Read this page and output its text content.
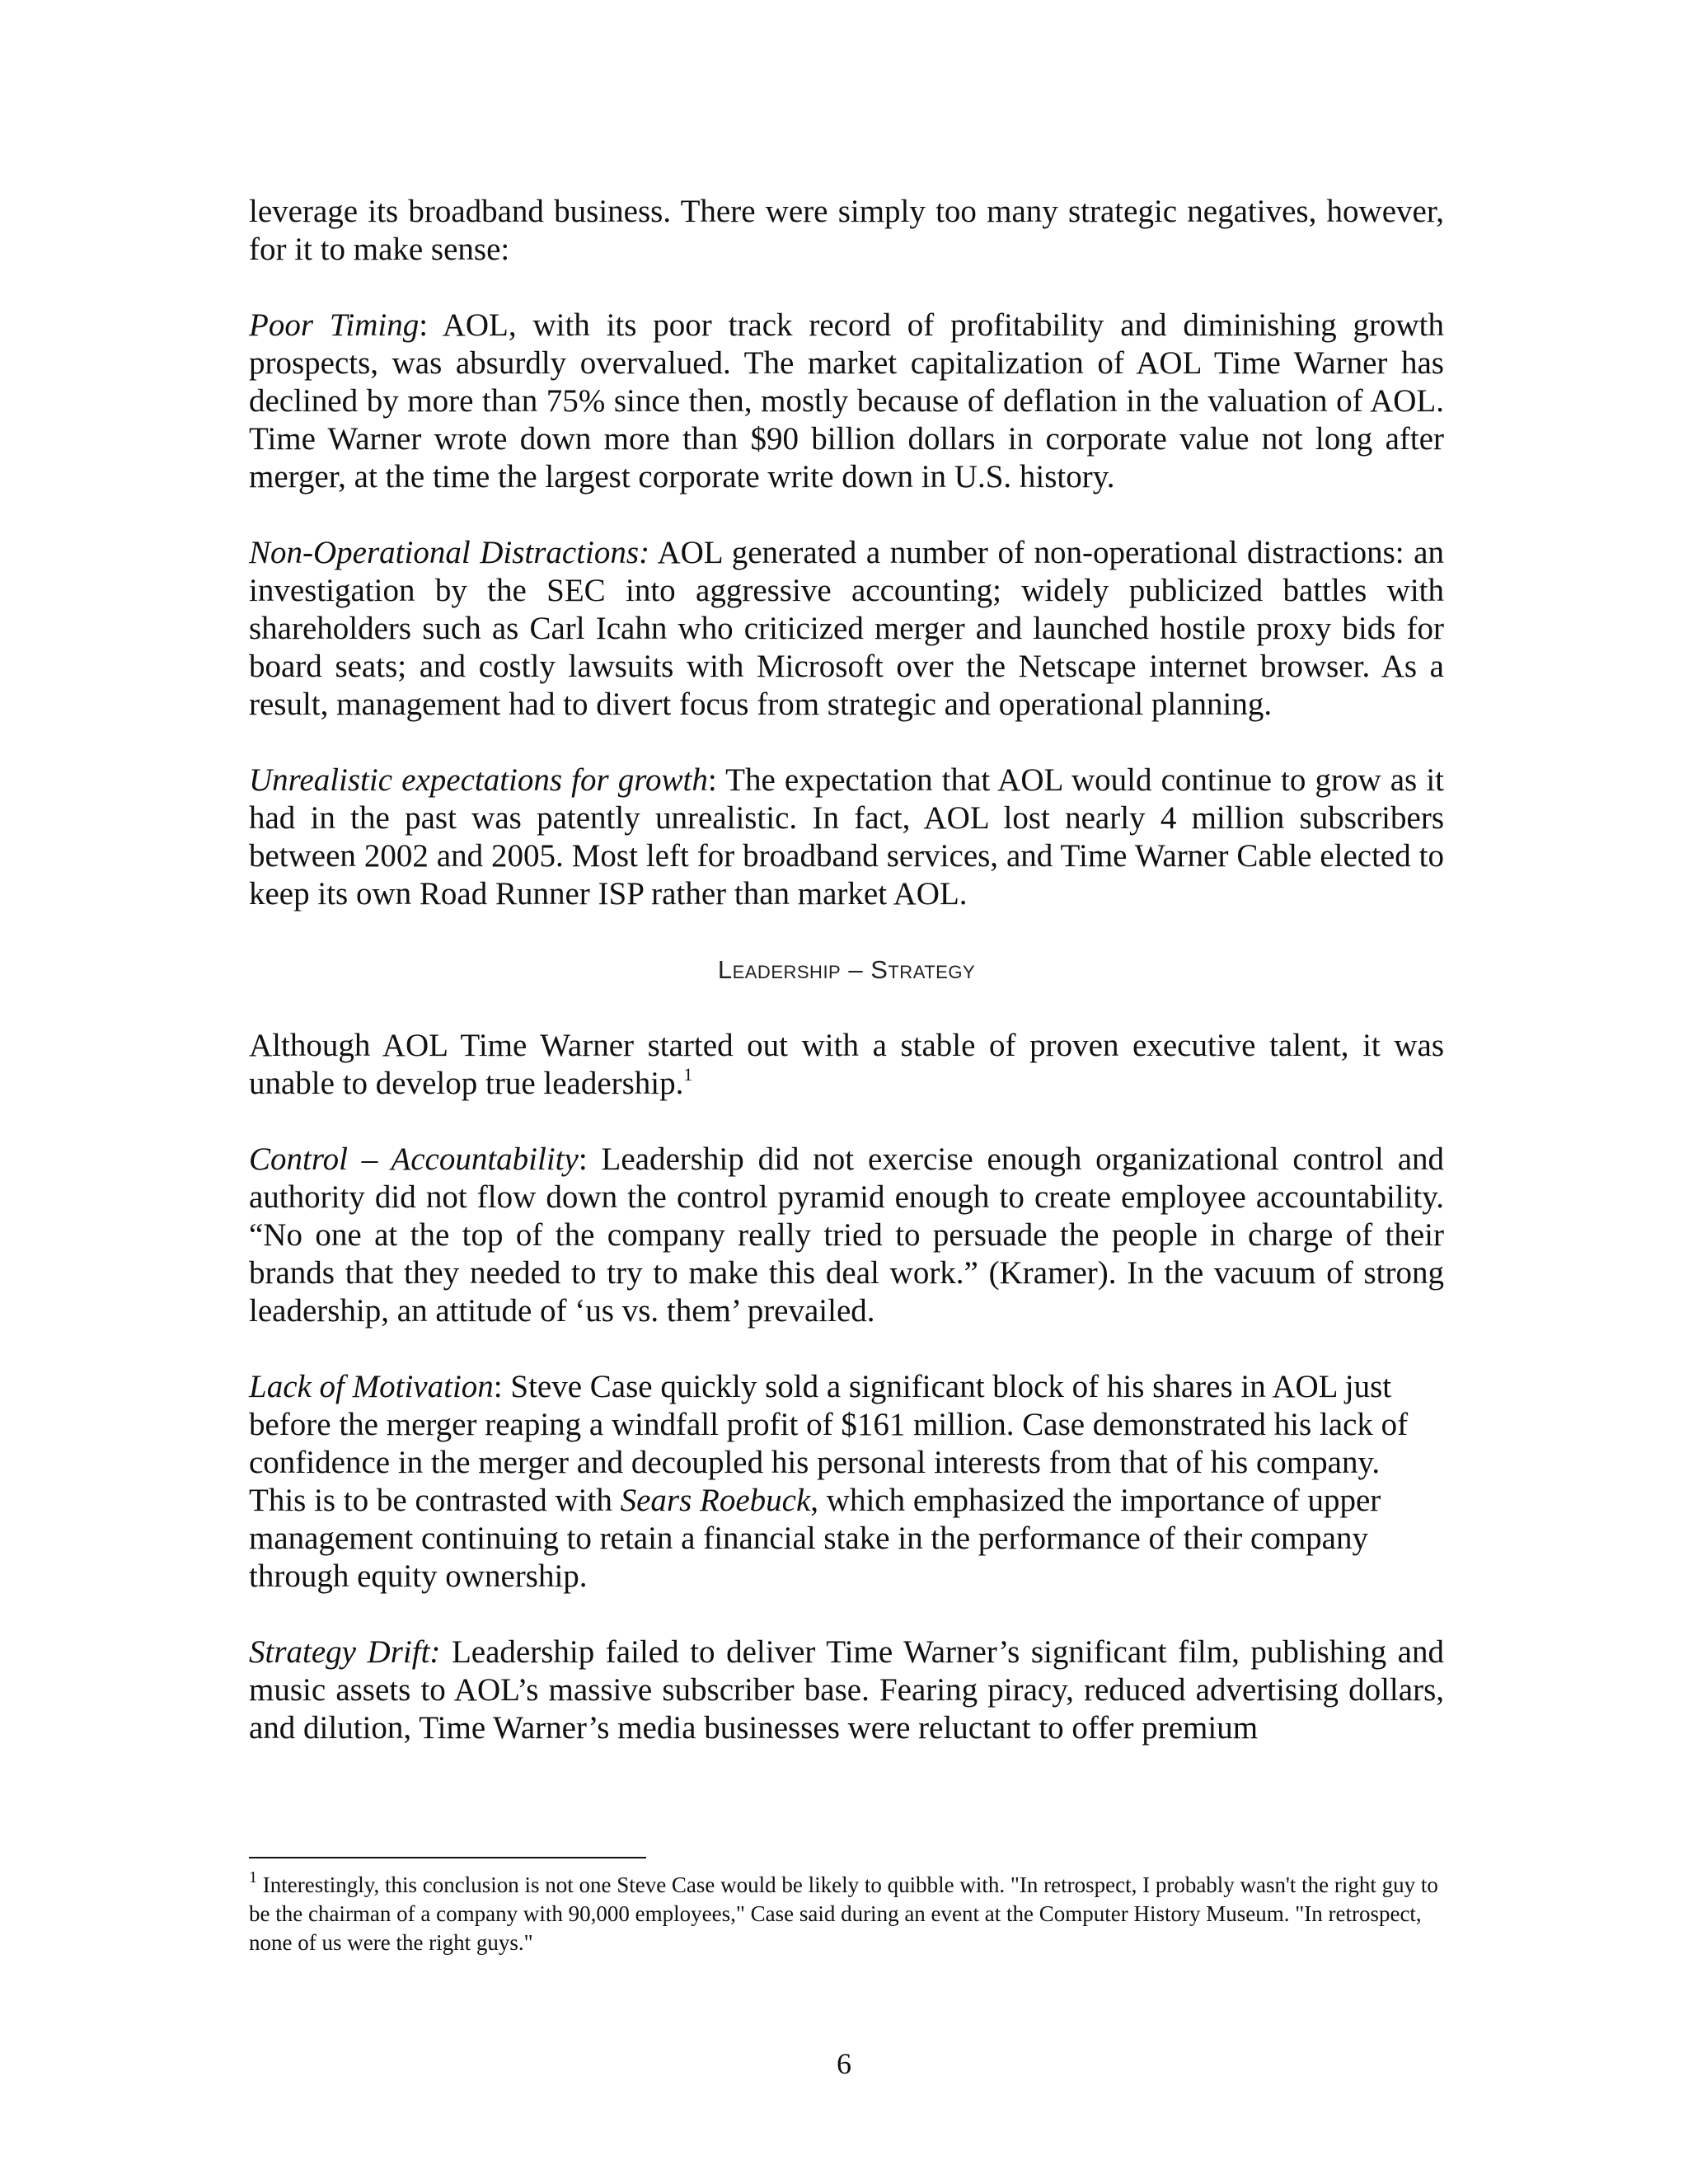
leverage its broadband business. There were simply too many strategic negatives, however, for it to make sense:

Poor Timing: AOL, with its poor track record of profitability and diminishing growth prospects, was absurdly overvalued. The market capitalization of AOL Time Warner has declined by more than 75% since then, mostly because of deflation in the valuation of AOL. Time Warner wrote down more than $90 billion dollars in corporate value not long after merger, at the time the largest corporate write down in U.S. history.

Non-Operational Distractions: AOL generated a number of non-operational distractions: an investigation by the SEC into aggressive accounting; widely publicized battles with shareholders such as Carl Icahn who criticized merger and launched hostile proxy bids for board seats; and costly lawsuits with Microsoft over the Netscape internet browser. As a result, management had to divert focus from strategic and operational planning.

Unrealistic expectations for growth: The expectation that AOL would continue to grow as it had in the past was patently unrealistic. In fact, AOL lost nearly 4 million subscribers between 2002 and 2005. Most left for broadband services, and Time Warner Cable elected to keep its own Road Runner ISP rather than market AOL.

Leadership – Strategy

Although AOL Time Warner started out with a stable of proven executive talent, it was unable to develop true leadership.$^1$

Control – Accountability: Leadership did not exercise enough organizational control and authority did not flow down the control pyramid enough to create employee accountability. “No one at the top of the company really tried to persuade the people in charge of their brands that they needed to try to make this deal work.” (Kramer). In the vacuum of strong leadership, an attitude of ‘us vs. them’ prevailed.

Lack of Motivation: Steve Case quickly sold a significant block of his shares in AOL just before the merger reaping a windfall profit of $161 million. Case demonstrated his lack of confidence in the merger and decoupled his personal interests from that of his company. This is to be contrasted with Sears Roebuck, which emphasized the importance of upper management continuing to retain a financial stake in the performance of their company through equity ownership.

Strategy Drift: Leadership failed to deliver Time Warner’s significant film, publishing and music assets to AOL’s massive subscriber base. Fearing piracy, reduced advertising dollars, and dilution, Time Warner’s media businesses were reluctant to offer premium

$^1$ Interestingly, this conclusion is not one Steve Case would be likely to quibble with. "In retrospect, I probably wasn't the right guy to be the chairman of a company with 90,000 employees," Case said during an event at the Computer History Museum. "In retrospect, none of us were the right guys."

6
